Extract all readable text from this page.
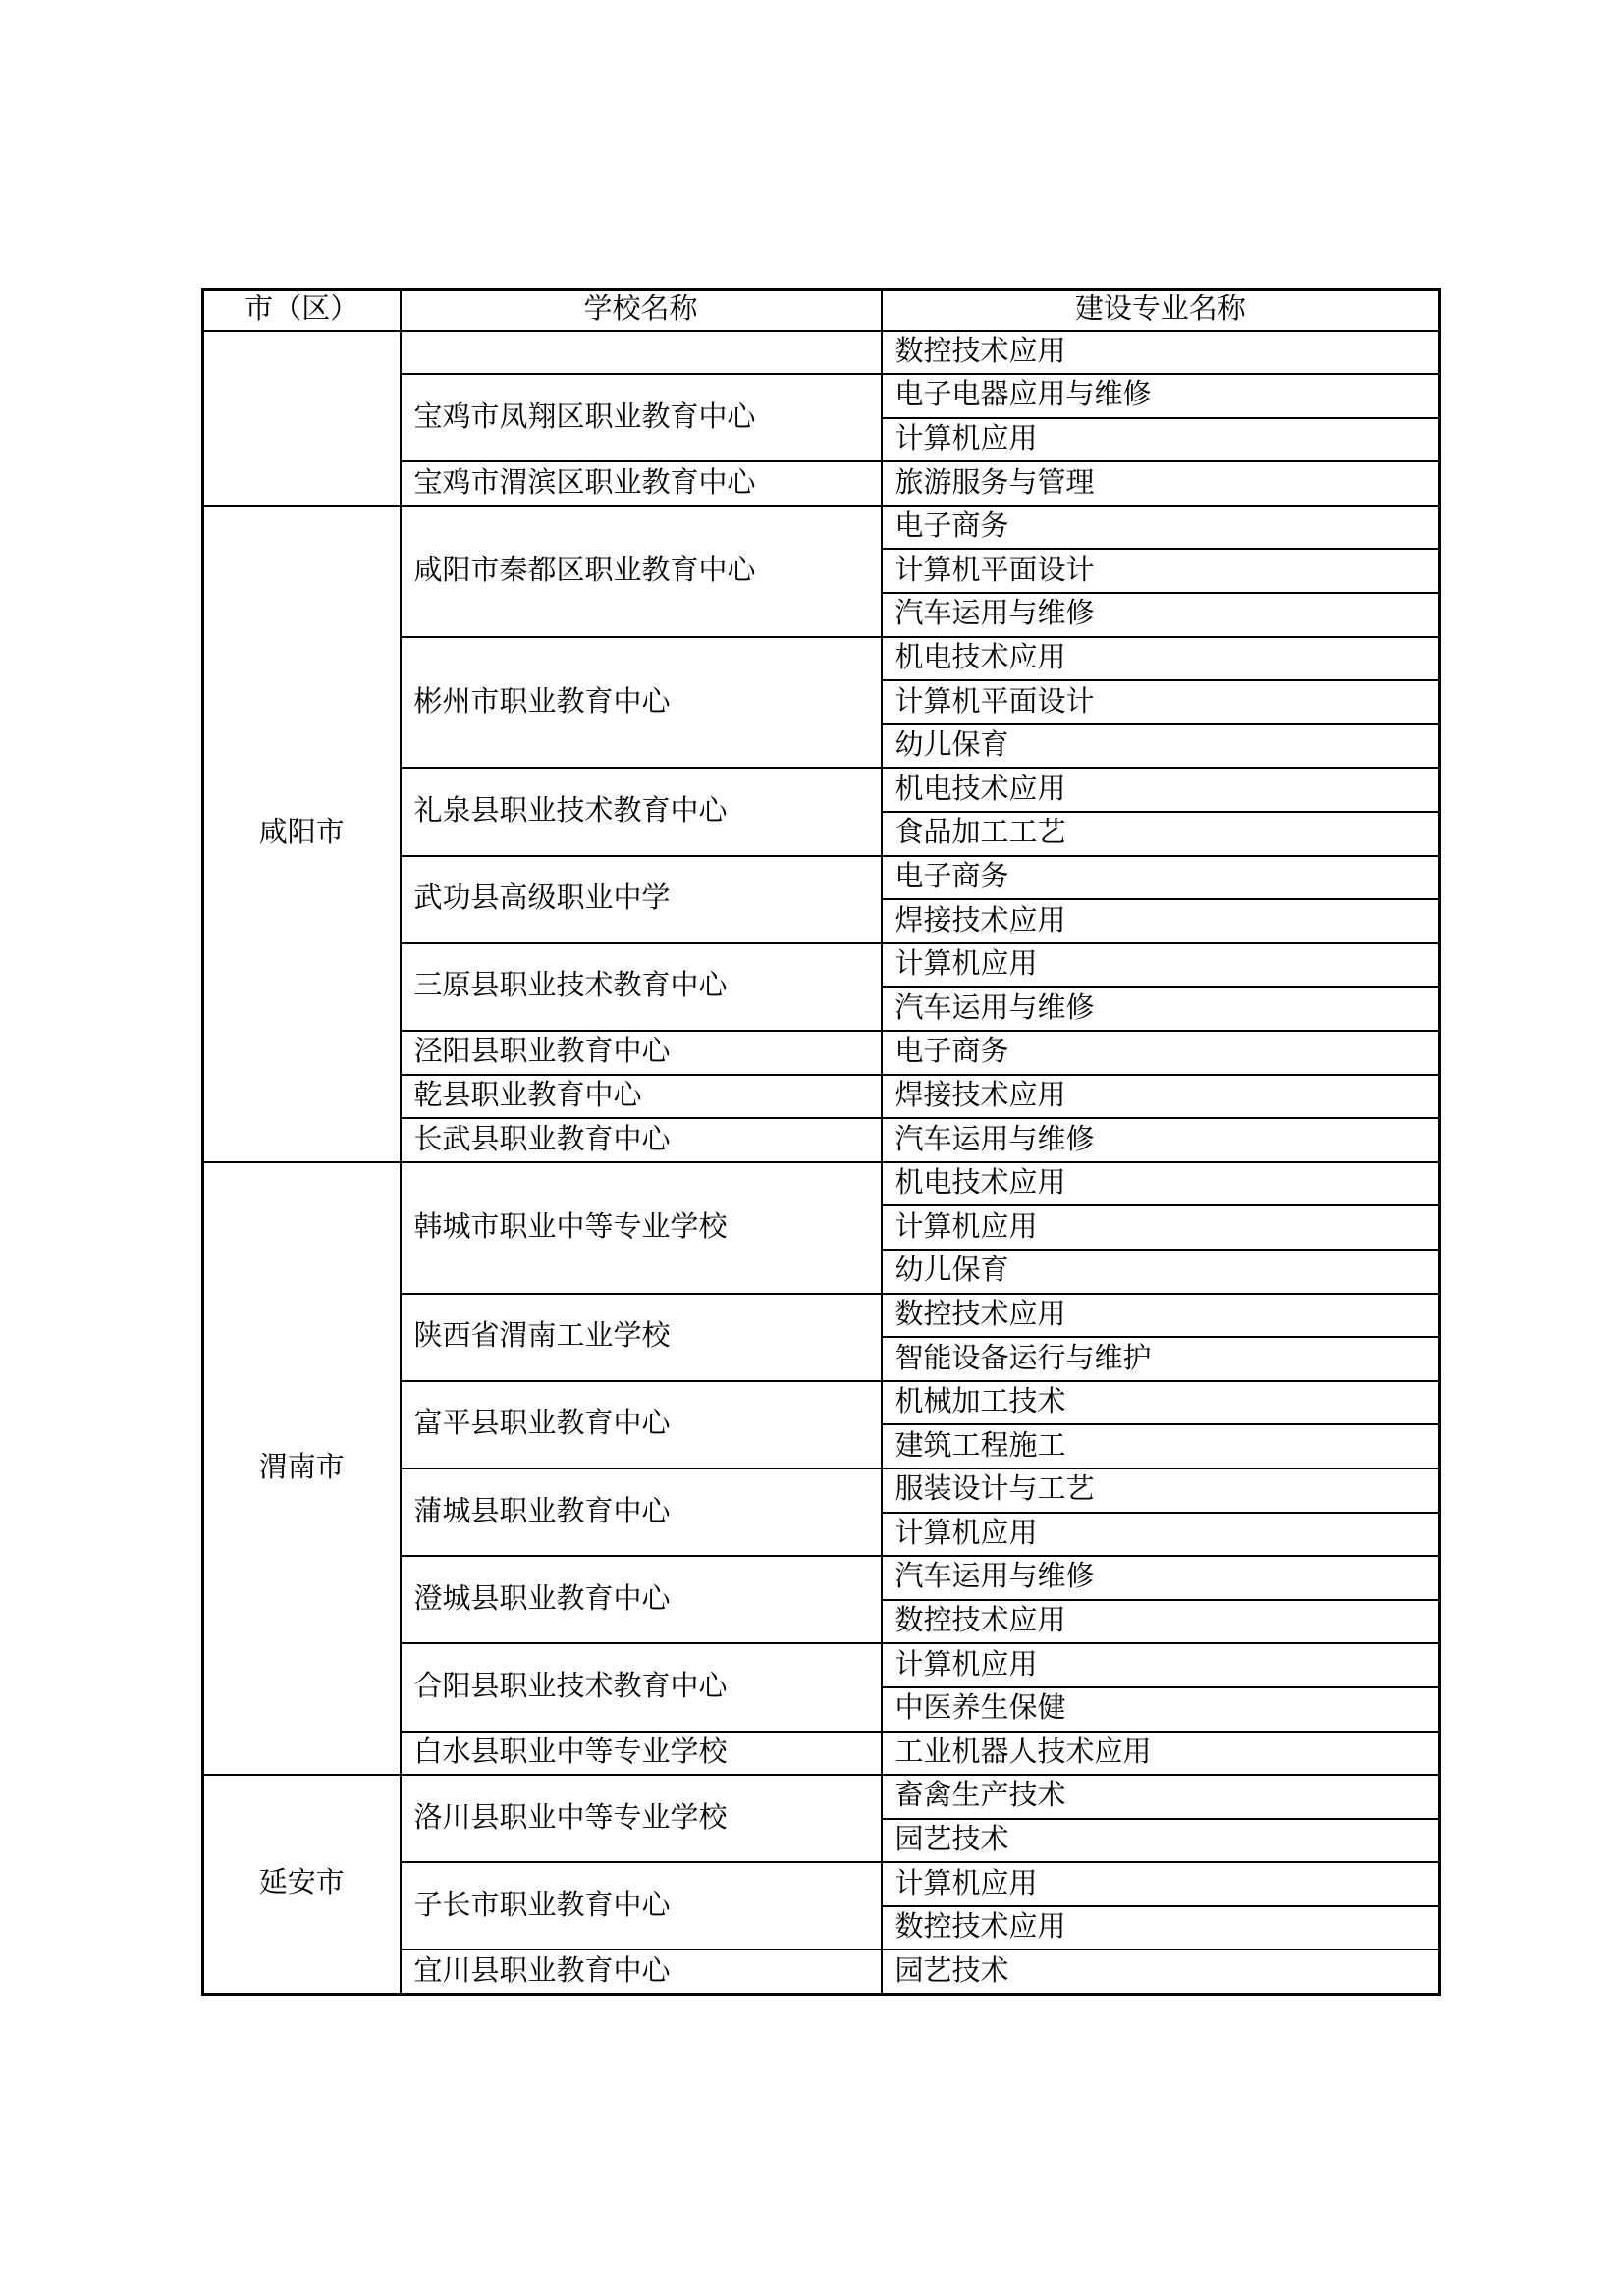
市（区）	学校名称	建设专业名称
		数控技术应用
	宝鸡市凤翔区职业教育中心	电子电器应用与维修
		计算机应用
	宝鸡市渭滨区职业教育中心	旅游服务与管理
咸阳市	咸阳市秦都区职业教育中心	电子商务
		计算机平面设计
		汽车运用与维修
	彬州市职业教育中心	机电技术应用
		计算机平面设计
		幼儿保育
	礼泉县职业技术教育中心	机电技术应用
		食品加工工艺
	武功县高级职业中学	电子商务
		焊接技术应用
	三原县职业技术教育中心	计算机应用
		汽车运用与维修
	泾阳县职业教育中心	电子商务
	乾县职业教育中心	焊接技术应用
	长武县职业教育中心	汽车运用与维修
渭南市	韩城市职业中等专业学校	机电技术应用
		计算机应用
		幼儿保育
	陕西省渭南工业学校	数控技术应用
		智能设备运行与维护
	富平县职业教育中心	机械加工技术
		建筑工程施工
	蒲城县职业教育中心	服装设计与工艺
		计算机应用
	澄城县职业教育中心	汽车运用与维修
		数控技术应用
	合阳县职业技术教育中心	计算机应用
		中医养生保健
	白水县职业中等专业学校	工业机器人技术应用
延安市	洛川县职业中等专业学校	畜禽生产技术
		园艺技术
	子长市职业教育中心	计算机应用
		数控技术应用
	宜川县职业教育中心	园艺技术
